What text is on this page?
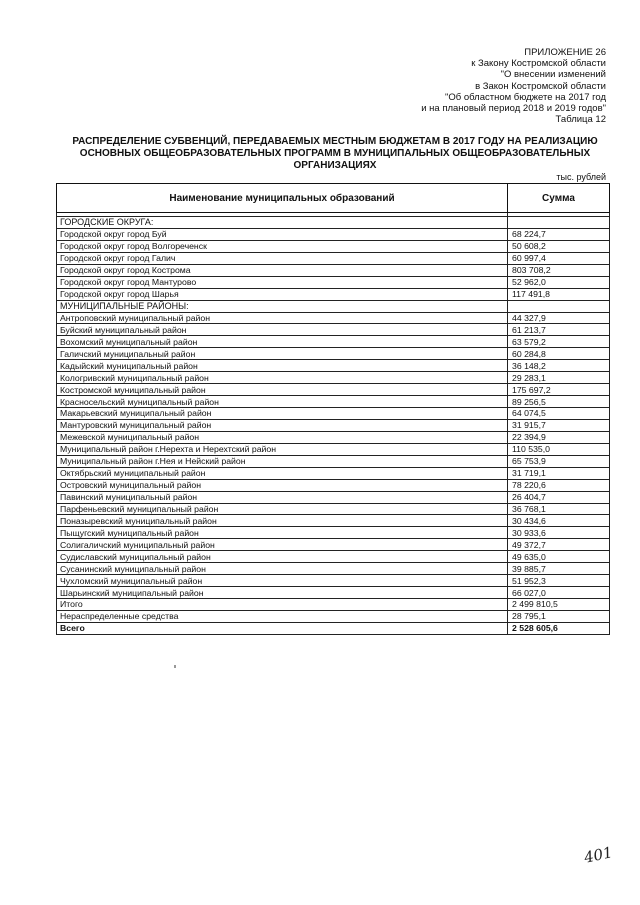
ПРИЛОЖЕНИЕ 26
к Закону Костромской области
"О внесении изменений
в Закон Костромской области
"Об областном бюджете на 2017 год
и на плановый период 2018 и 2019 годов"
Таблица 12
РАСПРЕДЕЛЕНИЕ СУБВЕНЦИЙ, ПЕРЕДАВАЕМЫХ МЕСТНЫМ БЮДЖЕТАМ В 2017 ГОДУ НА РЕАЛИЗАЦИЮ
ОСНОВНЫХ ОБЩЕОБРАЗОВАТЕЛЬНЫХ ПРОГРАММ В МУНИЦИПАЛЬНЫХ ОБЩЕОБРАЗОВАТЕЛЬНЫХ
ОРГАНИЗАЦИЯХ
тыс. рублей
Наименование муниципальных образований	Сумма

ГОРОДСКИЕ ОКРУГА:	
Городской округ город Буй	68 224,7
Городской округ город Волгореченск	50 608,2
Городской округ город Галич	60 997,4
Городской округ город Кострома	803 708,2
Городской округ город Мантурово	52 962,0
Городской округ город Шарья	117 491,8
МУНИЦИПАЛЬНЫЕ РАЙОНЫ:	
Антроповский муниципальный район	44 327,9
Буйский муниципальный район	61 213,7
Вохомский муниципальный район	63 579,2
Галичский муниципальный район	60 284,8
Кадыйский муниципальный район	36 148,2
Кологривский муниципальный район	29 283,1
Костромской муниципальный район	175 697,2
Красносельский муниципальный район	89 256,5
Макарьевский муниципальный район	64 074,5
Мантуровский муниципальный район	31 915,7
Межевской муниципальный район	22 394,9
Муниципальный район г.Нерехта и Нерехтский район	110 535,0
Муниципальный район г.Нея и Нейский район	65 753,9
Октябрьский муниципальный район	31 719,1
Островский муниципальный район	78 220,6
Павинский муниципальный район	26 404,7
Парфеньевский муниципальный район	36 768,1
Поназыревский муниципальный район	30 434,6
Пыщугский муниципальный район	30 933,6
Солигаличский муниципальный район	49 372,7
Судиславский муниципальный район	49 635,0
Сусанинский муниципальный район	39 885,7
Чухломский муниципальный район	51 952,3
Шарьинский муниципальный район	66 027,0
Итого	2 499 810,5
Нераспределенные средства	28 795,1
Всего	2 528 605,6
401
